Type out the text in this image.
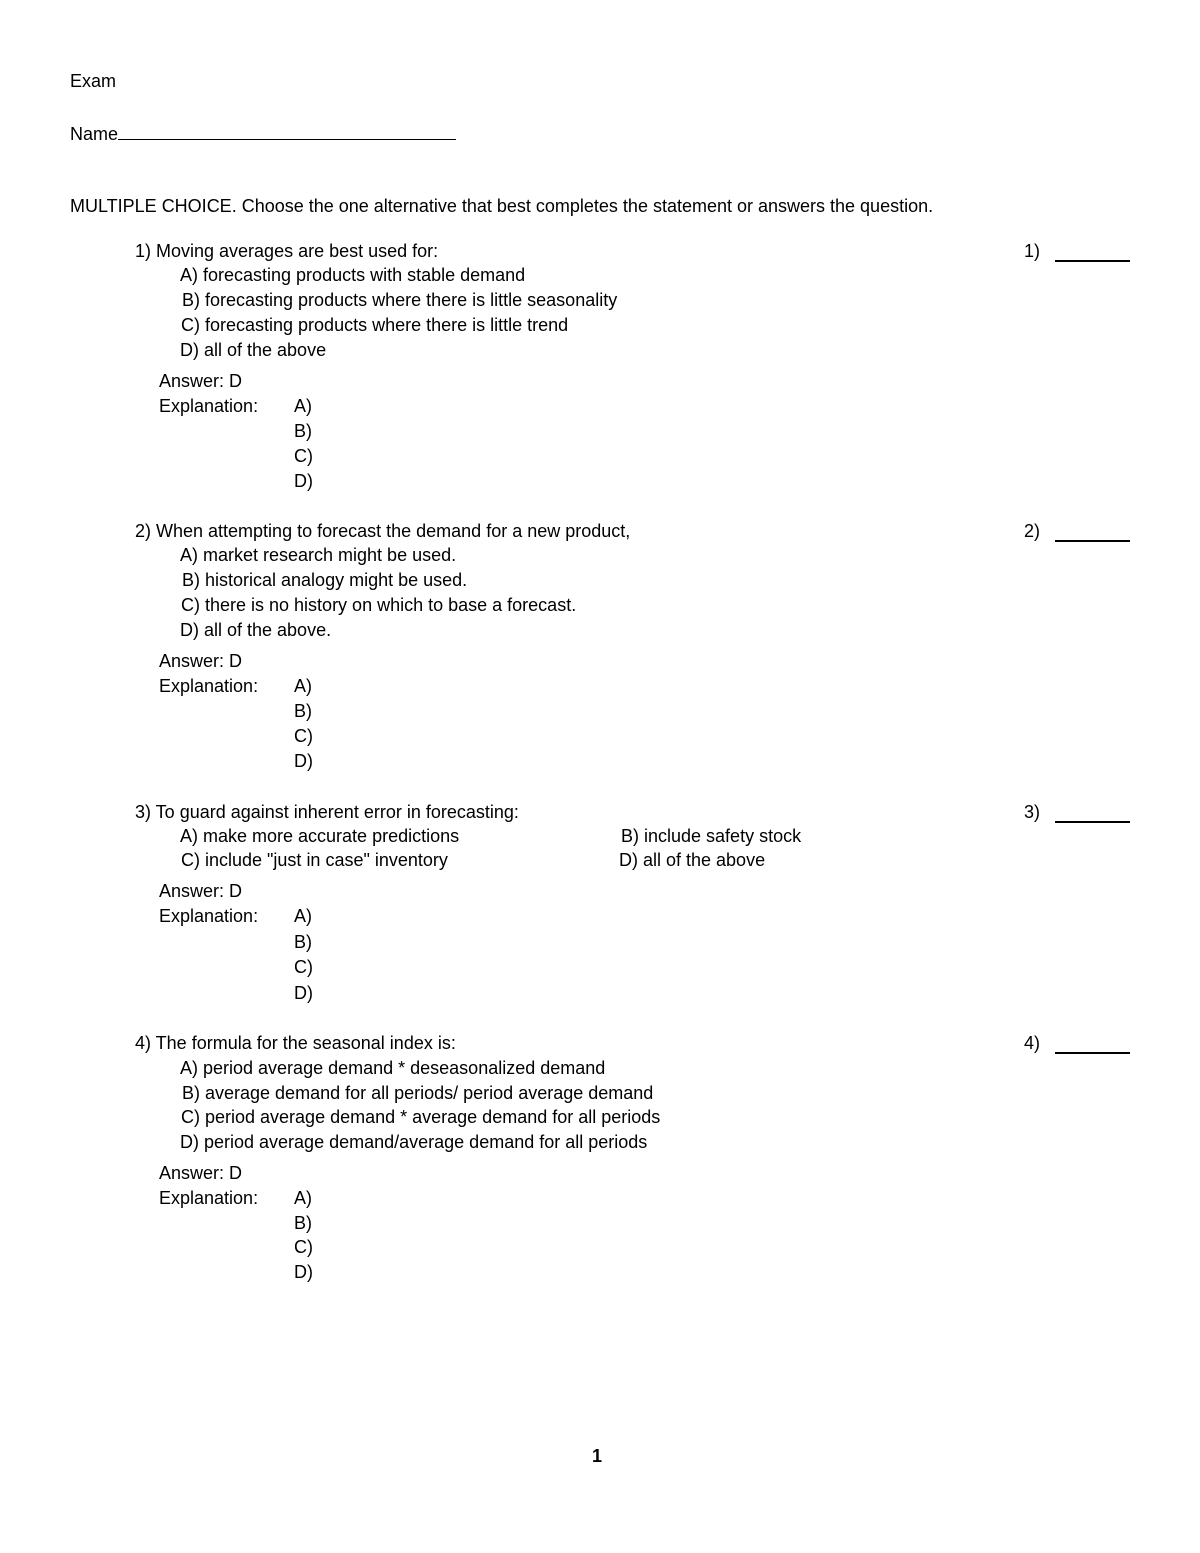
Exam
Name
MULTIPLE CHOICE. Choose the one alternative that best completes the statement or answers the question.
1) Moving averages are best used for:	1)
A) forecasting products with stable demand
B) forecasting products where there is little seasonality
C) forecasting products where there is little trend
D) all of the above
Answer: D
Explanation: A)
B)
C)
D)
2) When attempting to forecast the demand for a new product,	2)
A) market research might be used.
B) historical analogy might be used.
C) there is no history on which to base a forecast.
D) all of the above.
Answer: D
Explanation: A)
B)
C)
D)
3) To guard against inherent error in forecasting:	3)
A) make more accurate predictions	B) include safety stock
C) include "just in case" inventory	D) all of the above
Answer: D
Explanation: A)
B)
C)
D)
4) The formula for the seasonal index is:	4)
A) period average demand * deseasonalized demand
B) average demand for all periods/ period average demand
C) period average demand * average demand for all periods
D) period average demand/average demand for all periods
Answer: D
Explanation: A)
B)
C)
D)
1
